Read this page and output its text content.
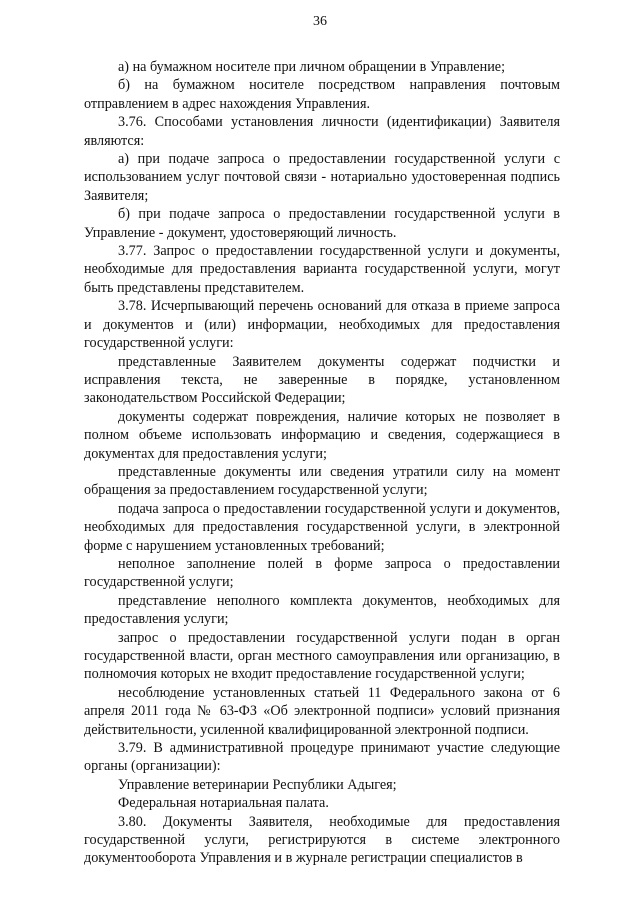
36

а) на бумажном носителе при личном обращении в Управление;

б) на бумажном носителе посредством направления почтовым отправлением в адрес нахождения Управления.

3.76. Способами установления личности (идентификации) Заявителя являются:

а) при подаче запроса о предоставлении государственной услуги с использованием услуг почтовой связи - нотариально удостоверенная подпись Заявителя;

б) при подаче запроса о предоставлении государственной услуги в Управление - документ, удостоверяющий личность.

3.77. Запрос о предоставлении государственной услуги и документы, необходимые для предоставления варианта государственной услуги, могут быть представлены представителем.

3.78. Исчерпывающий перечень оснований для отказа в приеме запроса и документов и (или) информации, необходимых для предоставления государственной услуги:

представленные Заявителем документы содержат подчистки и исправления текста, не заверенные в порядке, установленном законодательством Российской Федерации;

документы содержат повреждения, наличие которых не позволяет в полном объеме использовать информацию и сведения, содержащиеся в документах для предоставления услуги;

представленные документы или сведения утратили силу на момент обращения за предоставлением государственной услуги;

подача запроса о предоставлении государственной услуги и документов, необходимых для предоставления государственной услуги, в электронной форме с нарушением установленных требований;

неполное заполнение полей в форме запроса о предоставлении государственной услуги;

представление неполного комплекта документов, необходимых для предоставления услуги;

запрос о предоставлении государственной услуги подан в орган государственной власти, орган местного самоуправления или организацию, в полномочия которых не входит предоставление государственной услуги;

несоблюдение установленных статьей 11 Федерального закона от 6 апреля 2011 года № 63-ФЗ «Об электронной подписи» условий признания действительности, усиленной квалифицированной электронной подписи.

3.79. В административной процедуре принимают участие следующие органы (организации):

Управление ветеринарии Республики Адыгея;

Федеральная нотариальная палата.

3.80. Документы Заявителя, необходимые для предоставления государственной услуги, регистрируются в системе электронного документооборота Управления и в журнале регистрации специалистов в
